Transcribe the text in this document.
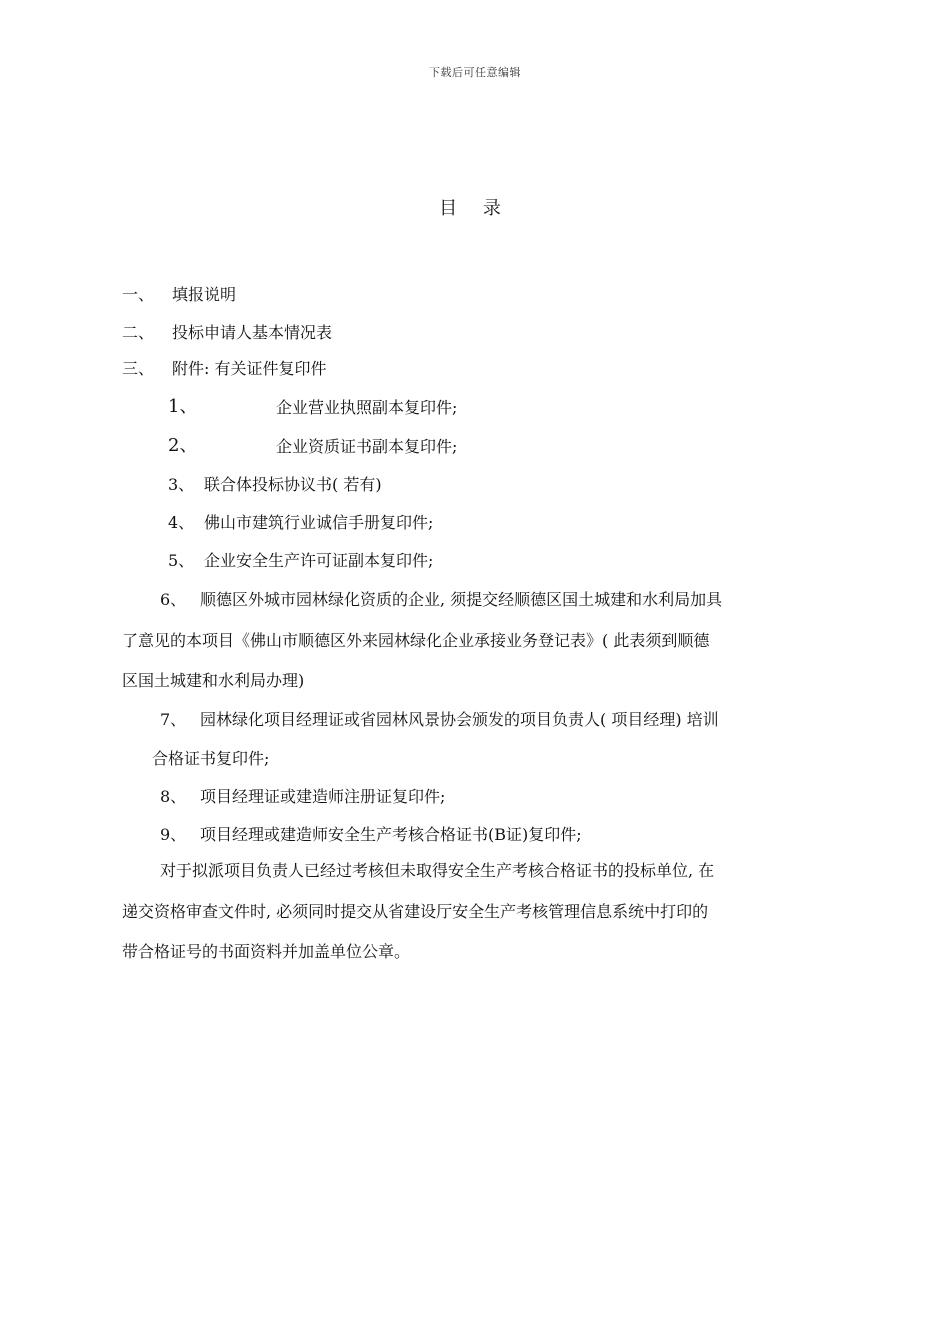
下载后可任意编辑
目 录
一、 填报说明
二、 投标申请人基本情况表
三、 附件: 有关证件复印件
1、	企业营业执照副本复印件;
2、	企业资质证书副本复印件;
3、 联合体投标协议书( 若有)
4、 佛山市建筑行业诚信手册复印件;
5、 企业安全生产许可证副本复印件;
6、 顺德区外城市园林绿化资质的企业, 须提交经顺德区国土城建和水利局加具
了意见的本项目《佛山市顺德区外来园林绿化企业承接业务登记表》( 此表须到顺德
区国土城建和水利局办理)
7、 园林绿化项目经理证或省园林风景协会颁发的项目负责人( 项目经理) 培训
合格证书复印件;
8、 项目经理证或建造师注册证复印件;
9、 项目经理或建造师安全生产考核合格证书(B证)复印件;
对于拟派项目负责人已经过考核但未取得安全生产考核合格证书的投标单位, 在
递交资格审查文件时, 必须同时提交从省建设厅安全生产考核管理信息系统中打印的
带合格证号的书面资料并加盖单位公章。
